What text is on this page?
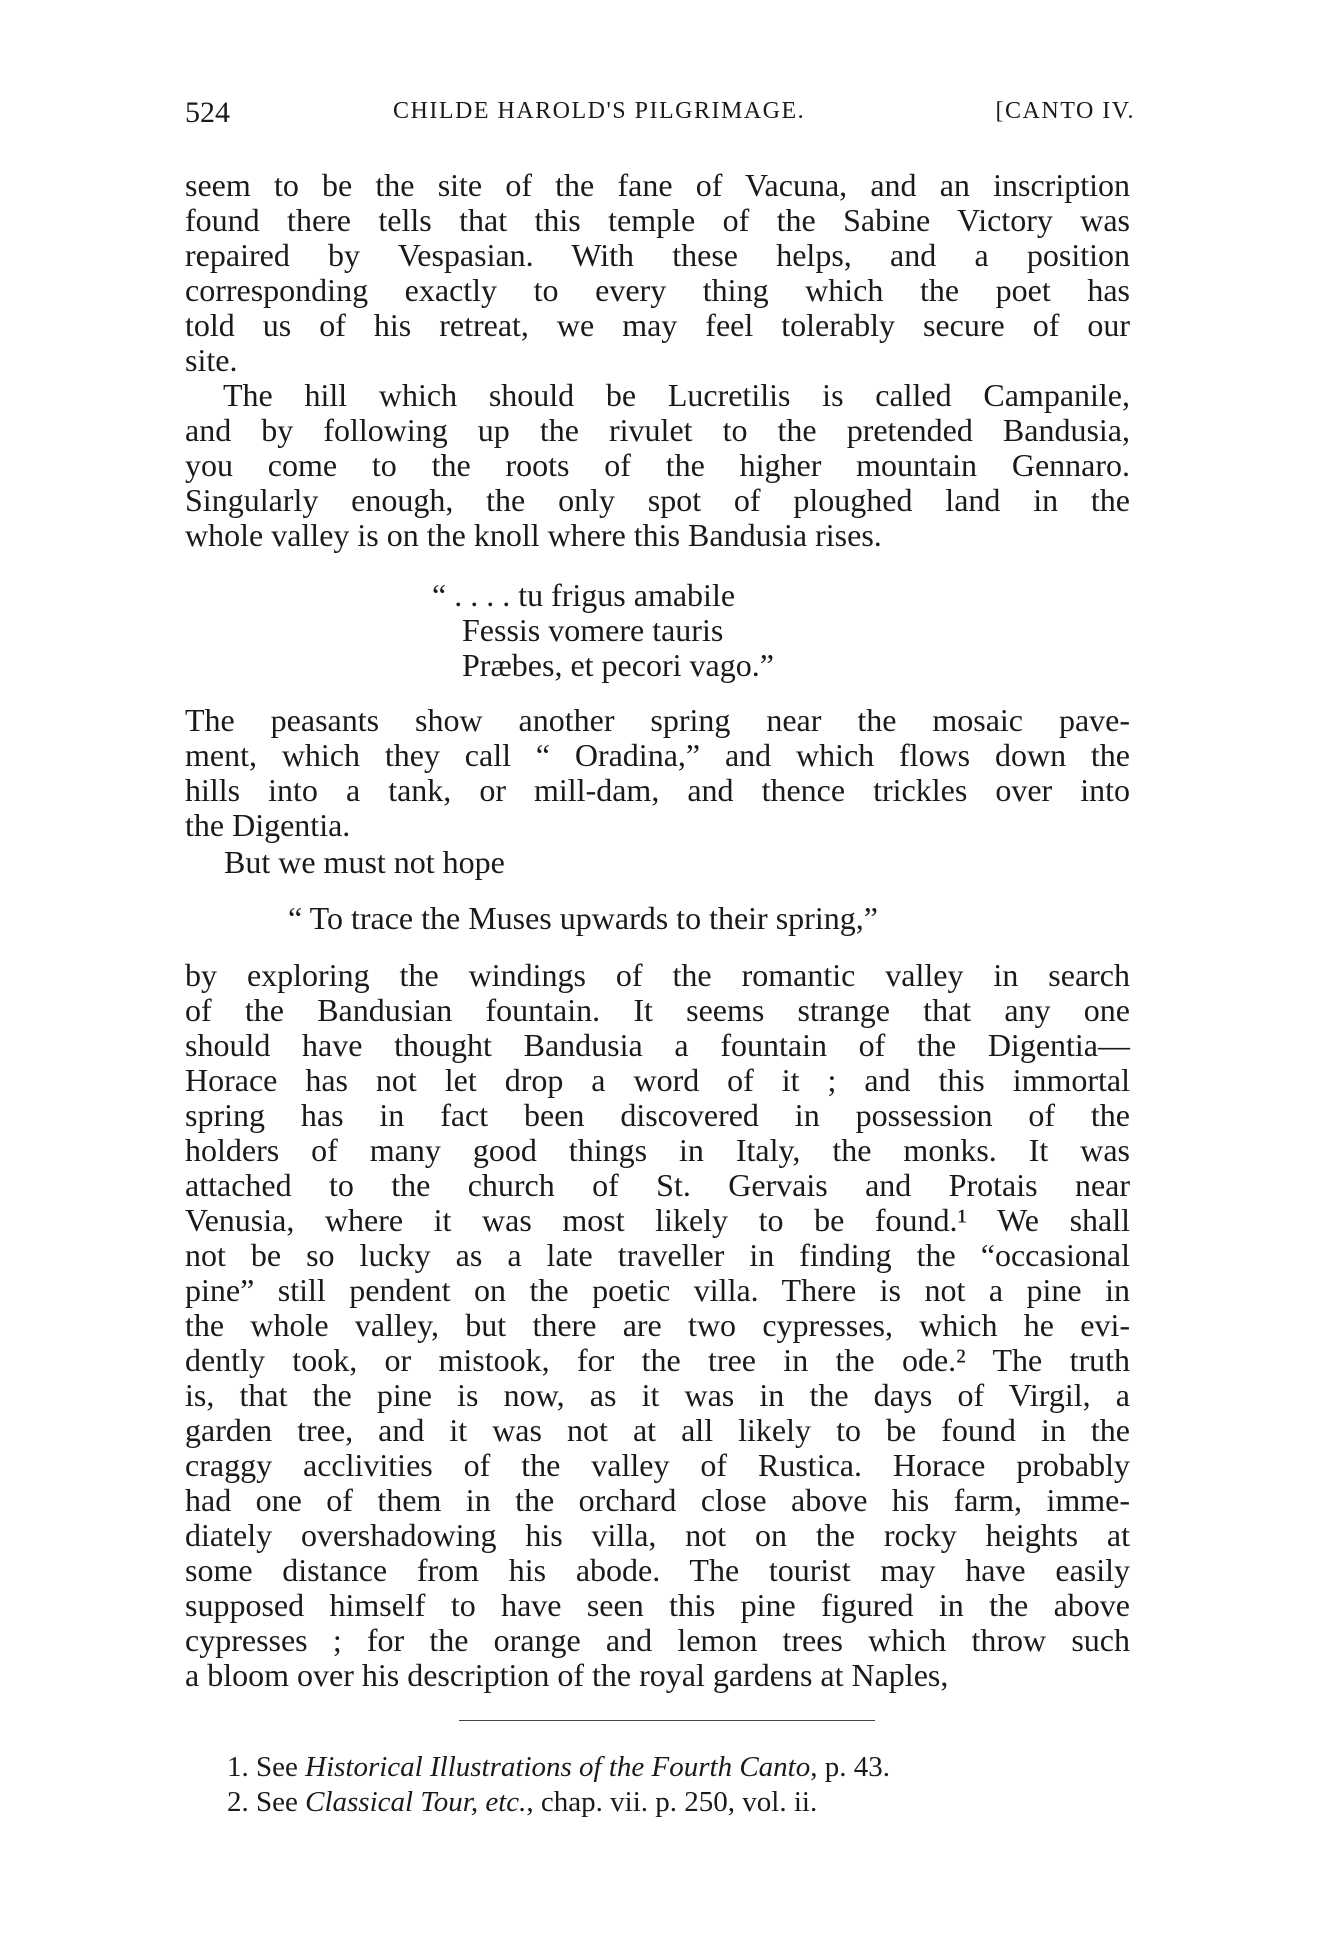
524	CHILDE HAROLD'S PILGRIMAGE.	[CANTO IV.
seem to be the site of the fane of Vacuna, and an inscription
found there tells that this temple of the Sabine Victory was
repaired by Vespasian. With these helps, and a position
corresponding exactly to every thing which the poet has
told us of his retreat, we may feel tolerably secure of our
site.
The hill which should be Lucretilis is called Campanile,
and by following up the rivulet to the pretended Bandusia,
you come to the roots of the higher mountain Gennaro.
Singularly enough, the only spot of ploughed land in the
whole valley is on the knoll where this Bandusia rises.
“ . . . . tu frigus amabile
Fessis vomere tauris
Præbes, et pecori vago.”
The peasants show another spring near the mosaic pave-
ment, which they call “ Oradina,” and which flows down the
hills into a tank, or mill-dam, and thence trickles over into
the Digentia.
But we must not hope
“ To trace the Muses upwards to their spring,”
by exploring the windings of the romantic valley in search
of the Bandusian fountain. It seems strange that any one
should have thought Bandusia a fountain of the Digentia—
Horace has not let drop a word of it ; and this immortal
spring has in fact been discovered in possession of the
holders of many good things in Italy, the monks. It was
attached to the church of St. Gervais and Protais near
Venusia, where it was most likely to be found.¹ We shall
not be so lucky as a late traveller in finding the “occasional
pine” still pendent on the poetic villa. There is not a pine in
the whole valley, but there are two cypresses, which he evi-
dently took, or mistook, for the tree in the ode.² The truth
is, that the pine is now, as it was in the days of Virgil, a
garden tree, and it was not at all likely to be found in the
craggy acclivities of the valley of Rustica. Horace probably
had one of them in the orchard close above his farm, imme-
diately overshadowing his villa, not on the rocky heights at
some distance from his abode. The tourist may have easily
supposed himself to have seen this pine figured in the above
cypresses ; for the orange and lemon trees which throw such
a bloom over his description of the royal gardens at Naples,
1. See Historical Illustrations of the Fourth Canto, p. 43.
2. See Classical Tour, etc., chap. vii. p. 250, vol. ii.
